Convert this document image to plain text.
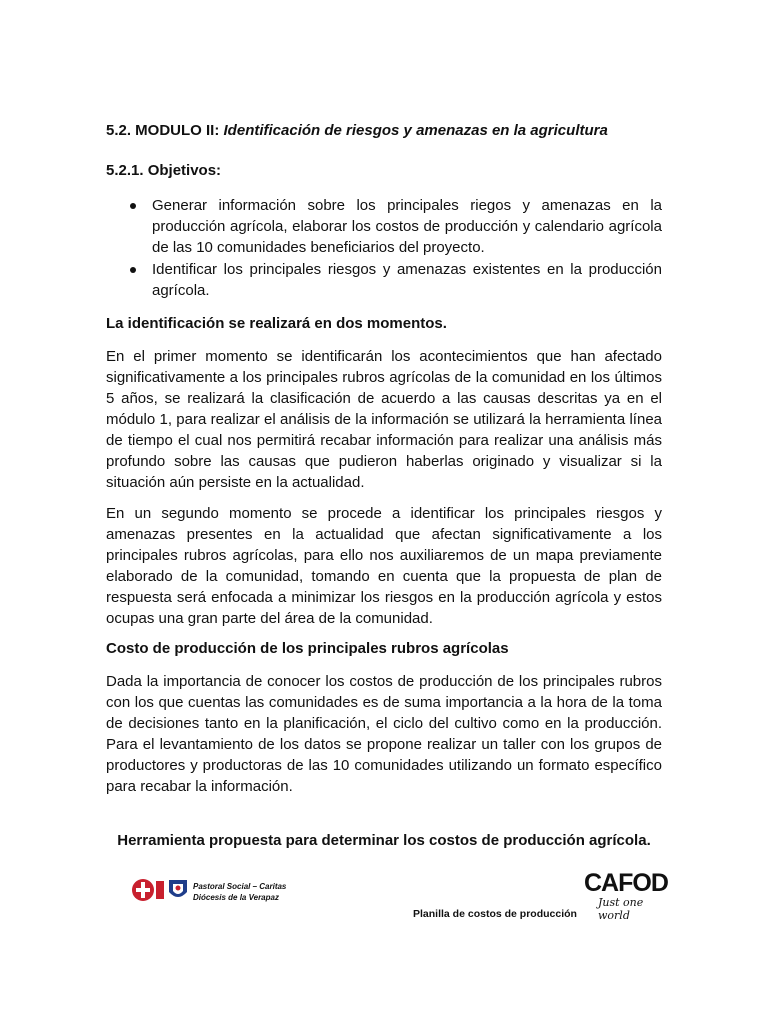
5.2. MODULO II: Identificación de riesgos y amenazas en la agricultura
5.2.1. Objetivos:
Generar información sobre los principales riegos y amenazas en la producción agrícola, elaborar los costos de producción y calendario agrícola de las 10 comunidades beneficiarios del proyecto.
Identificar los principales riesgos y amenazas existentes en la producción agrícola.
La identificación se realizará en dos momentos.

En el primer momento se identificarán los acontecimientos que han afectado significativamente a los principales rubros agrícolas de la comunidad en los últimos 5 años, se realizará la clasificación de acuerdo a las causas descritas ya en el módulo 1, para realizar el análisis de la información se utilizará la herramienta línea de tiempo el cual nos permitirá recabar información para realizar una análisis más profundo sobre las causas que pudieron haberlas originado y visualizar si la situación aún persiste en la actualidad.

En un segundo momento se procede a identificar los principales riesgos y amenazas presentes en la actualidad que afectan significativamente a los principales rubros agrícolas, para ello nos auxiliaremos de un mapa previamente elaborado de la comunidad, tomando en cuenta que la propuesta de plan de respuesta será enfocada a minimizar los riesgos en la producción agrícola y estos ocupas una gran parte del área de la comunidad.

Costo de producción de los principales rubros agrícolas

Dada la importancia de conocer los costos de producción de los principales rubros con los que cuentas las comunidades es de suma importancia a la hora de la toma de decisiones tanto en la planificación, el ciclo del cultivo como en la producción. Para el levantamiento de los datos se propone realizar un taller con los grupos de productores y productoras de las 10 comunidades utilizando un formato específico para recabar la información.

Herramienta propuesta para determinar los costos de producción agrícola.
Pastoral Social – Caritas
Diócesis de la Verapaz
CAFOD
Just one world
Planilla de costos de producción
